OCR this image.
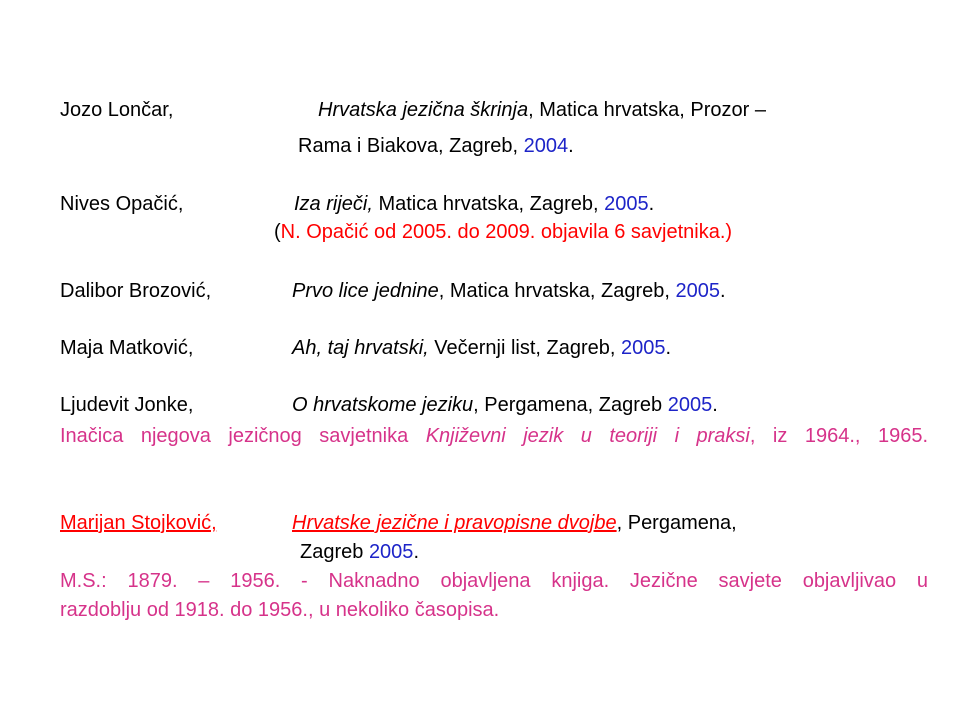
Jozo Lončar,	Hrvatska jezična škrinja, Matica hrvatska, Prozor –

Rama i Biakova, Zagreb, 2004.

Nives Opačić,	Iza riječi, Matica hrvatska, Zagreb, 2005.

(N. Opačić od 2005. do 2009. objavila 6 savjetnika.)

Dalibor Brozović,	Prvo lice jednine, Matica hrvatska, Zagreb, 2005.

Maja Matković,	Ah, taj hrvatski, Večernji list, Zagreb, 2005.

Ljudevit Jonke,	O hrvatskome jeziku, Pergamena, Zagreb 2005.

Inačica njegova jezičnog savjetnika Književni jezik u teoriji i praksi, iz 1964., 1965.

Marijan Stojković,	Hrvatske jezične i pravopisne dvojbe, Pergamena,

Zagreb 2005.

M.S.: 1879. – 1956. - Naknadno objavljena knjiga. Jezične savjete objavljivao u

razdoblju od 1918. do 1956., u nekoliko časopisa.
